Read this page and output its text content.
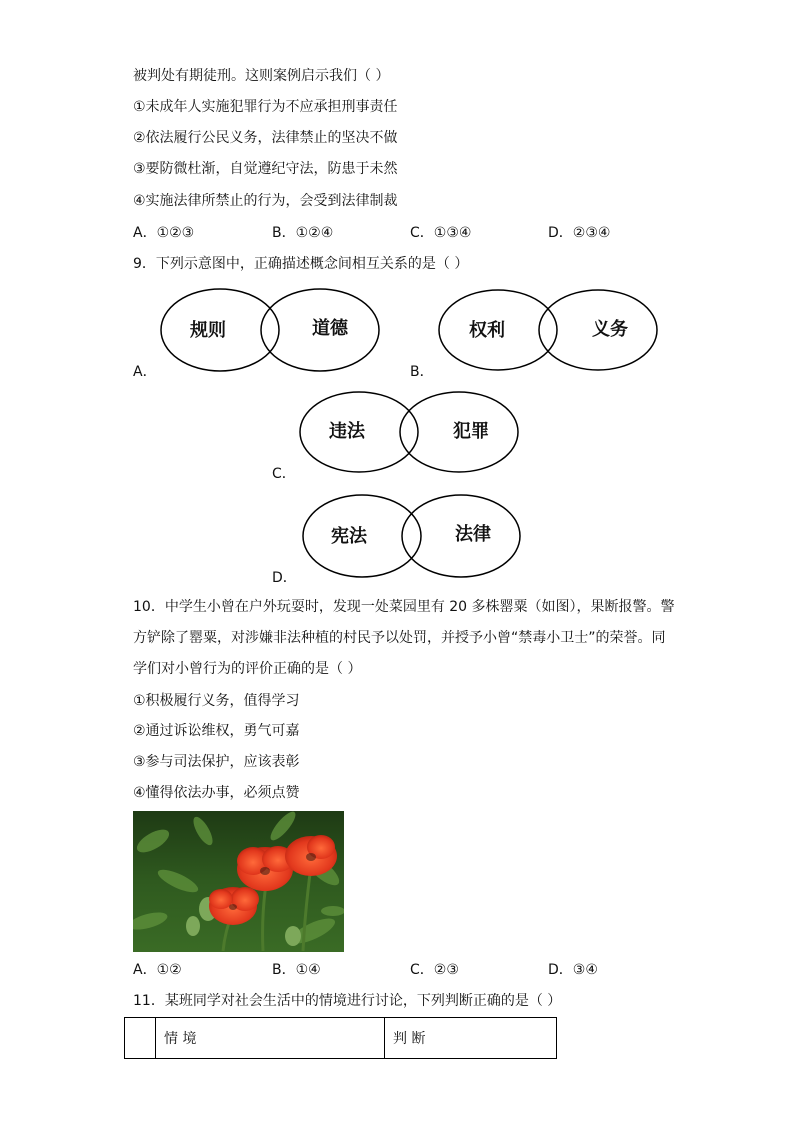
被判处有期徒刑。这则案例启示我们（ ）
①未成年人实施犯罪行为不应承担刑事责任
②依法履行公民义务，法律禁止的坚决不做
③要防微杜渐，自觉遵纪守法，防患于未然
④实施法律所禁止的行为，会受到法律制裁
A．①②③	B．①②④	C．①③④	D．②③④
9．下列示意图中，正确描述概念间相互关系的是（ ）
规则	道德
A．
权利	义务
B．
违法	犯罪
C．
宪法	法律
D．
10．中学生小曾在户外玩耍时，发现一处菜园里有 20 多株罂粟（如图），果断报警。警
方铲除了罂粟，对涉嫌非法种植的村民予以处罚，并授予小曾“禁毒小卫士”的荣誉。同
学们对小曾行为的评价正确的是（ ）
①积极履行义务，值得学习
②通过诉讼维权，勇气可嘉
③参与司法保护，应该表彰
④懂得依法办事，必须点赞
A．①②	B．①④	C．②③	D．③④
11．某班同学对社会生活中的情境进行讨论，下列判断正确的是（ ）
	情 境	判 断
